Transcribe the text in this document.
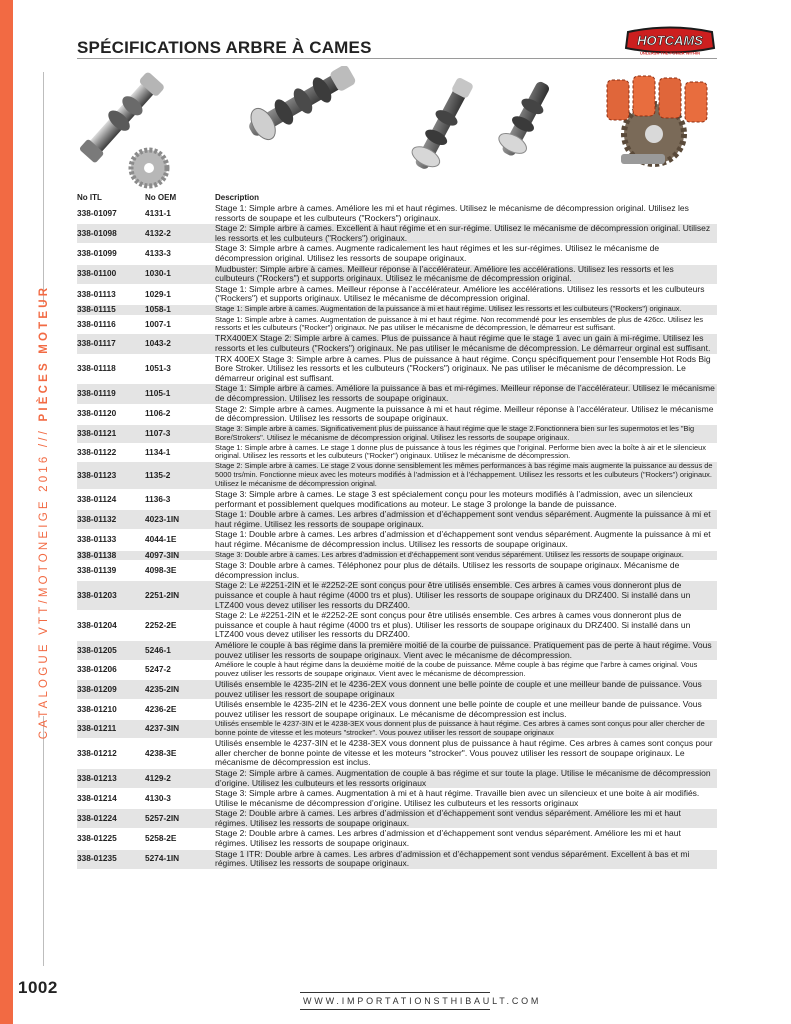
CATALOGUE VTT/MOTONEIGE 2016 /// PIÈCES MOTEUR
SPÉCIFICATIONS ARBRE À CAMES	HOTCAMS
UNLEASH THE POWER WITHIN
No ITL	No OEM	Description
338-01097	4131-1	Stage 1: Simple arbre à cames. Améliore les mi et haut régimes. Utilisez le mécanisme de décompression original. Utilisez les ressorts de soupape et les culbuteurs ("Rockers") originaux.
338-01098	4132-2	Stage 2: Simple arbre à cames. Excellent à haut régime et en sur-régime. Utilisez le mécanisme de décompression original. Utilisez les ressorts et les culbuteurs ("Rockers") originaux.
338-01099	4133-3	Stage 3: Simple arbre à cames. Augmente radicalement les haut régimes et les sur-régimes. Utilisez le mécanisme de décompression original. Utilisez les ressorts de soupape originaux.
338-01100	1030-1	Mudbuster: Simple arbre à cames. Meilleur réponse à l’accélérateur. Améliore les accélérations. Utilisez les ressorts et les culbuteurs ("Rockers") et supports originaux. Utilisez le mécanisme de décompression original.
338-01113	1029-1	Stage 1: Simple arbre à cames. Meilleur réponse à l’accélérateur. Améliore les accélérations. Utilisez les ressorts et les culbuteurs ("Rockers") et supports originaux. Utilisez le mécanisme de décompression original.
338-01115	1058-1	Stage 1: Simple arbre à cames. Augmentation de la puissance à mi et haut régime. Utilisez les ressorts et les culbuteurs ("Rockers") originaux.
338-01116	1007-1	Stage 1: Simple arbre à cames. Augmentation de puissance à mi et haut régime. Non recommendé pour les ensembles de plus de 426cc. Utilisez les ressorts et les culbuteurs ("Rocker") originaux. Ne pas utiliser le mécanisme de décompression, le démarreur est suffisant.
338-01117	1043-2	TRX400EX Stage 2: Simple arbre à cames. Plus de puissance à haut régime que le stage 1 avec un gain à mi-régime. Utilisez les ressorts et les culbuteurs ("Rockers") originaux. Ne pas utiliser le mécanisme de décompression. Le démarreur orginal est suffisant.
338-01118	1051-3	TRX 400EX Stage 3: Simple arbre à cames. Plus de puissance à haut régime. Conçu spécifiquement pour l’ensemble Hot Rods Big Bore Stroker. Utilisez les ressorts et les culbuteurs ("Rockers") originaux. Ne pas utiliser le mécanisme de décompression. Le démarreur original est suffisant.
338-01119	1105-1	Stage 1: Simple arbre à cames. Améliore la puissance à bas et mi-régimes. Meilleur réponse de l’accélérateur. Utilisez le mécanisme de décompression. Utilisez les ressorts de soupape originaux.
338-01120	1106-2	Stage 2: Simple arbre à cames. Augmente la puissance à mi et haut régime. Meilleur réponse à l’accélérateur. Utilisez le mécanisme de décompression. Utilisez les ressorts de soupape originaux.
338-01121	1107-3	Stage 3: Simple arbre à cames. Significativement plus de puissance à haut régime que le stage 2.Fonctionnera bien sur les supermotos et les "Big Bore/Strokers". Utilisez le mécanisme de décompression original. Utilisez les ressorts de soupape originaux.
338-01122	1134-1	Stage 1: Simple arbre à cames. Le stage 1 donne plus de puissance à tous les régimes que l’original. Performe bien avec la boîte à air et le silencieux original. Utilisez les ressorts et les culbuteurs ("Rocker") originaux. Utilisez le mécanisme de décompression.
338-01123	1135-2	Stage 2: Simple arbre à cames. Le stage 2 vous donne sensiblement les mêmes performances à bas régime mais augmente la puissance au dessus de 5000 trs/min. Fonctionne mieux avec les moteurs modifiés à l’admission et à l’échappement. Utilisez les ressorts et les culbuteurs ("Rockers") originaux. Utilisez le mécanisme de décompression original.
338-01124	1136-3	Stage 3: Simple arbre à cames. Le stage 3 est spécialement conçu pour les moteurs modifiés à l’admission, avec un silencieux performant et possiblement quelques modifications au moteur. Le stage 3 prolonge la bande de puissance.
338-01132	4023-1IN	Stage 1: Double arbre à cames. Les arbres d’admission et d’échappement sont vendus séparément. Augmente la puissance à mi et haut régime. Utilisez les ressorts de soupape originaux.
338-01133	4044-1E	Stage 1: Double arbre à cames. Les arbres d’admission et d’échappement sont vendus séparément. Augmente la puissance à mi et haut régime. Mécanisme de décompression inclus. Utilisez les ressorts de soupape originaux.
338-01138	4097-3IN	Stage 3: Double arbre à cames. Les arbres d’admission et d’échappement sont vendus séparément. Utilisez les ressorts de soupape originaux.
338-01139	4098-3E	Stage 3: Double arbre à cames. Téléphonez pour plus de détails. Utilisez les ressorts de soupape originaux. Mécanisme de décompression inclus.
338-01203	2251-2IN	Stage 2: Le #2251-2IN et le #2252-2E sont conçus pour être utilisés ensemble. Ces arbres à cames vous donneront plus de puissance et couple à haut régime (4000 trs et plus). Utiliser les ressorts de soupape originaux du DRZ400. Si installé dans un LTZ400 vous devez utiliser les ressorts du DRZ400.
338-01204	2252-2E	Stage 2: Le #2251-2IN et le #2252-2E sont conçus pour être utilisés ensemble. Ces arbres à cames vous donneront plus de puissance et couple à haut régime (4000 trs et plus). Utiliser les ressorts de soupape originaux du DRZ400. Si installé dans un LTZ400 vous devez utiliser les ressorts du DRZ400.
338-01205	5246-1	Améliore le couple à bas régime dans la première moitié de la courbe de puissance. Pratiquement pas de perte à haut régime. Vous pouvez utiliser les ressorts de soupape originaux. Vient avec le mécanisme de décompression.
338-01206	5247-2	Améliore le couple à haut régime dans la deuxième moitié de la coube de puissance. Même couple à bas régime que l’arbre à cames original. Vous pouvez utiliser les ressorts de soupape originaux. Vient avec le mécanisme de décompression.
338-01209	4235-2IN	Utilisés ensemble le 4235-2IN et le 4236-2EX vous donnent une belle pointe de couple et une meilleur bande de puissance. Vous pouvez utiliser les ressort de soupape originaux
338-01210	4236-2E	Utilisés ensemble le 4235-2IN et le 4236-2EX vous donnent une belle pointe de couple et une meilleur bande de puissance. Vous pouvez utiliser les ressort de soupape originaux. Le mécanisme de décompression est inclus.
338-01211	4237-3IN	Utilisés ensemble le 4237-3IN et le 4238-3EX vous donnent plus de puissance à haut régime. Ces arbres à cames sont conçus pour aller chercher de bonne pointe de vitesse et les moteurs "strocker". Vous pouvez utiliser les ressort de soupape originaux
338-01212	4238-3E	Utilisés ensemble le 4237-3IN et le 4238-3EX vous donnent plus de puissance à haut régime. Ces arbres à cames sont conçus pour aller chercher de bonne pointe de vitesse et les moteurs "strocker". Vous pouvez utiliser les ressort de soupape originaux. Le mécanisme de décompression est inclus.
338-01213	4129-2	Stage 2: Simple arbre à cames. Augmentation de couple à bas régime et sur toute la plage. Utilise le mécanisme de décompression d’origine. Utilisez les culbuteurs et les ressorts originaux
338-01214	4130-3	Stage 3: Simple arbre à cames. Augmentation à mi et à haut régime. Travaille bien avec un silencieux et une boite à air modifiés. Utilise le mécanisme de décompression d’origine. Utilisez les culbuteurs et les ressorts originaux
338-01224	5257-2IN	Stage 2: Double arbre à cames. Les arbres d’admission et d’échappement sont vendus séparément. Améliore les mi et haut régimes. Utilisez les ressorts de soupape originaux.
338-01225	5258-2E	Stage 2: Double arbre à cames. Les arbres d’admission et d’échappement sont vendus séparément. Améliore les mi et haut régimes. Utilisez les ressorts de soupape originaux.
338-01235	5274-1IN	Stage 1 ITR: Double arbre à cames. Les arbres d’admission et d’échappement sont vendus séparément. Excellent à bas et mi régimes. Utilisez les ressorts de soupape originaux.
1002
WWW.IMPORTATIONSTHIBAULT.COM
